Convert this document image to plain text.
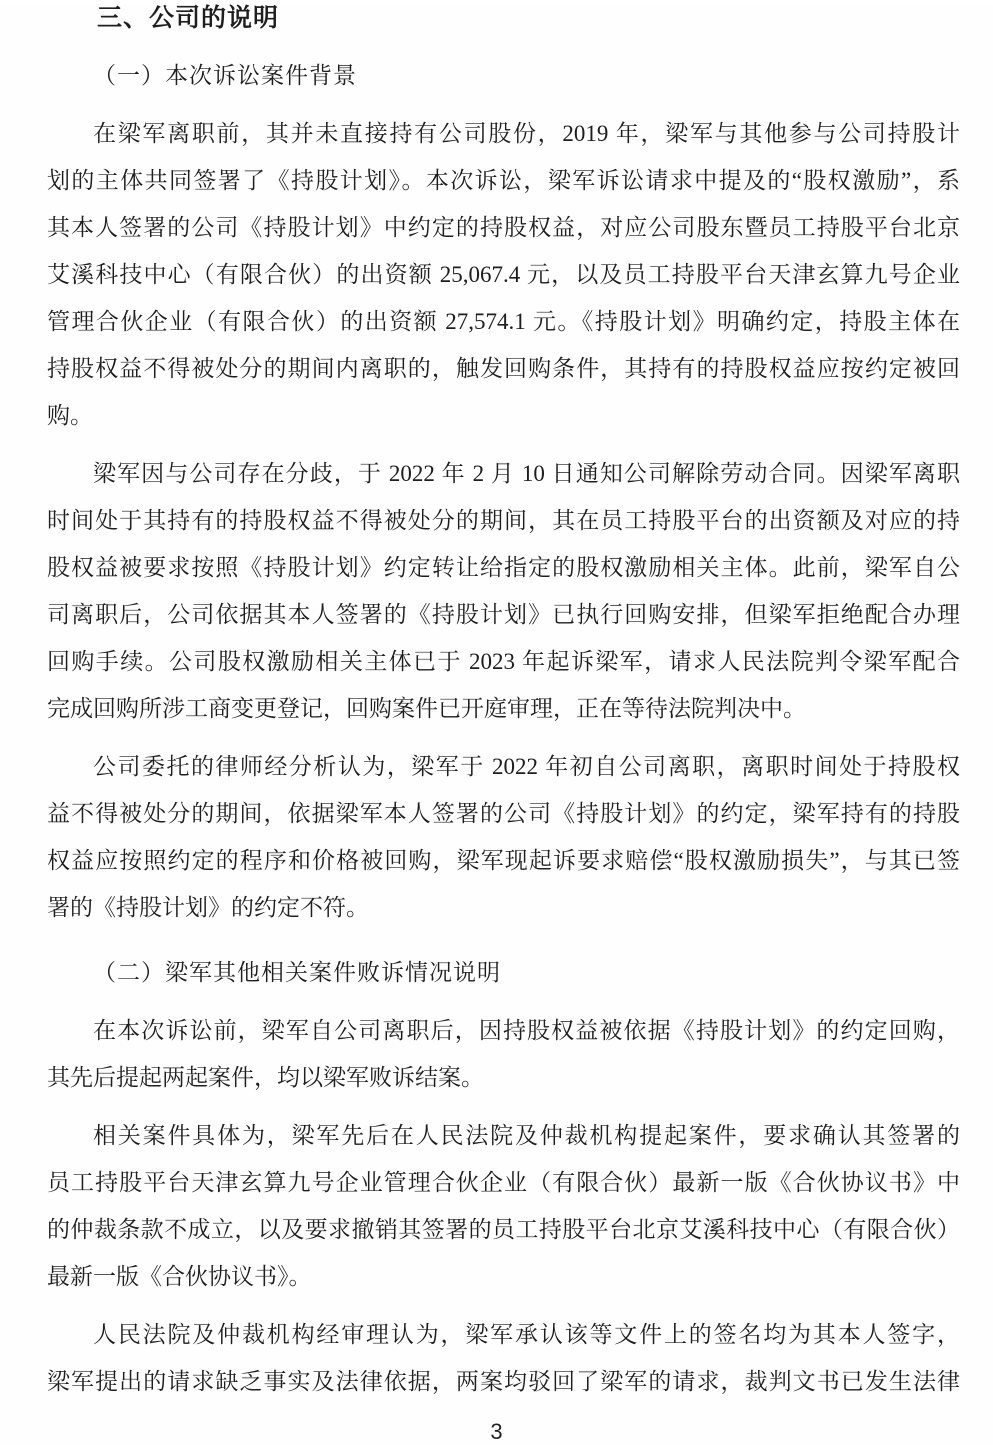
三、公司的说明
（一）本次诉讼案件背景
在梁军离职前，其并未直接持有公司股份，2019 年，梁军与其他参与公司持股计
划的主体共同签署了《持股计划》。本次诉讼，梁军诉讼请求中提及的“股权激励”，系
其本人签署的公司《持股计划》中约定的持股权益，对应公司股东暨员工持股平台北京
艾溪科技中心（有限合伙）的出资额 25,067.4 元，以及员工持股平台天津玄算九号企业
管理合伙企业（有限合伙）的出资额 27,574.1 元。《持股计划》明确约定，持股主体在
持股权益不得被处分的期间内离职的，触发回购条件，其持有的持股权益应按约定被回
购。
梁军因与公司存在分歧，于 2022 年 2 月 10 日通知公司解除劳动合同。因梁军离职
时间处于其持有的持股权益不得被处分的期间，其在员工持股平台的出资额及对应的持
股权益被要求按照《持股计划》约定转让给指定的股权激励相关主体。此前，梁军自公
司离职后，公司依据其本人签署的《持股计划》已执行回购安排，但梁军拒绝配合办理
回购手续。公司股权激励相关主体已于 2023 年起诉梁军，请求人民法院判令梁军配合
完成回购所涉工商变更登记，回购案件已开庭审理，正在等待法院判决中。
公司委托的律师经分析认为，梁军于 2022 年初自公司离职，离职时间处于持股权
益不得被处分的期间，依据梁军本人签署的公司《持股计划》的约定，梁军持有的持股
权益应按照约定的程序和价格被回购，梁军现起诉要求赔偿“股权激励损失”，与其已签
署的《持股计划》的约定不符。
（二）梁军其他相关案件败诉情况说明
在本次诉讼前，梁军自公司离职后，因持股权益被依据《持股计划》的约定回购，
其先后提起两起案件，均以梁军败诉结案。
相关案件具体为，梁军先后在人民法院及仲裁机构提起案件，要求确认其签署的
员工持股平台天津玄算九号企业管理合伙企业（有限合伙）最新一版《合伙协议书》中
的仲裁条款不成立，以及要求撤销其签署的员工持股平台北京艾溪科技中心（有限合伙）
最新一版《合伙协议书》。
人民法院及仲裁机构经审理认为，梁军承认该等文件上的签名均为其本人签字，
梁军提出的请求缺乏事实及法律依据，两案均驳回了梁军的请求，裁判文书已发生法律
3
